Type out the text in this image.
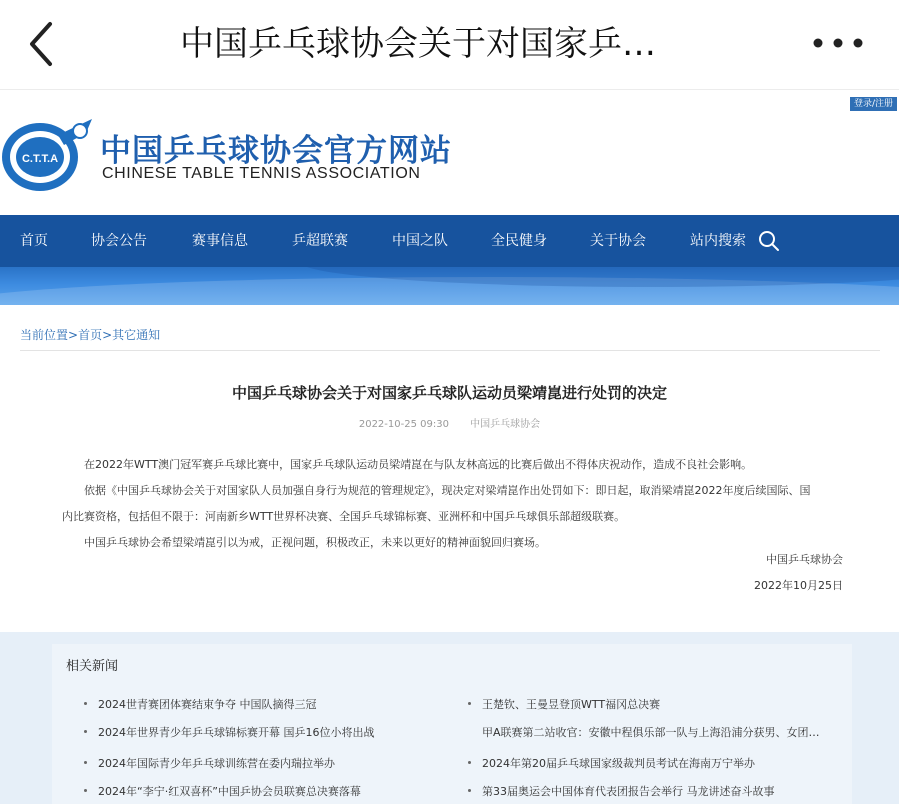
中国乒乓球协会关于对国家乒…
登录/注册
C.T.T.A 中国乒乓球协会官方网站
CHINESE TABLE TENNIS ASSOCIATION
首页	协会公告	赛事信息	乒超联赛	中国之队	全民健身	关于协会	站内搜索
当前位置>首页>其它通知
中国乒乓球协会关于对国家乒乓球队运动员梁靖崑进行处罚的决定
2022-10-25 09:30 中国乒乓球协会

在2022年WTT澳门冠军赛乒乓球比赛中，国家乒乓球队运动员梁靖崑在与队友林高远的比赛后做出不得体庆祝动作，造成不良社会影响。

依据《中国乒乓球协会关于对国家队人员加强自身行为规范的管理规定》，现决定对梁靖崑作出处罚如下：即日起，取消梁靖崑2022年度后续国际、国

内比赛资格，包括但不限于：河南新乡WTT世界杯决赛、全国乒乓球锦标赛、亚洲杯和中国乒乓球俱乐部超级联赛。

中国乒乓球协会希望梁靖崑引以为戒，正视问题，积极改正，未来以更好的精神面貌回归赛场。

中国乒乓球协会
2022年10月25日
相关新闻
2024世青赛团体赛结束争夺 中国队摘得三冠
2024年世界青少年乒乓球锦标赛开幕 国乒16位小将出战
2024年国际青少年乒乓球训练营在委内瑞拉举办
2024年“李宁·红双喜杯”中国乒协会员联赛总决赛落幕
王楚钦、王曼昱登顶WTT福冈总决赛
甲A联赛第二站收官：安徽中程俱乐部一队与上海沿浦分获男、女团…
2024年第20届乒乓球国家级裁判员考试在海南万宁举办
第33届奥运会中国体育代表团报告会举行 马龙讲述奋斗故事
